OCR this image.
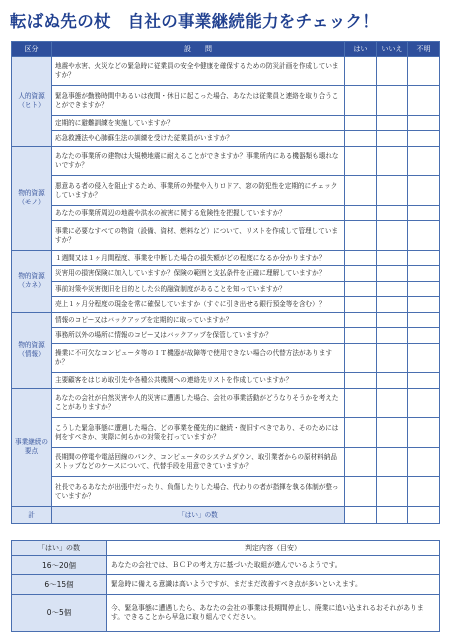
転ばぬ先の杖　自社の事業継続能力をチェック！
区分	設　　問	はい	いいえ	不明
人的資源（ヒト）	地震や水害、火災などの緊急時に従業員の安全や健康を確保するための防災計画を作成していますか？			
	緊急事態が勤務時間中あるいは夜間・休日に起こった場合、あなたは従業員と連絡を取り合うことができますか？			
	定期的に避難訓練を実施していますか？			
	応急救護法や心肺蘇生法の訓練を受けた従業員がいますか？			
物的資源（モノ）	あなたの事業所の建物は大規模地震に耐えることができますか？事業所内にある機器類も壊れないですか？			
	悪意ある者の侵入を阻止するため、事業所の外壁や入りロドア、窓の防犯性を定期的にチェックしていますか？			
	あなたの事業所周辺の地震や洪水の被害に関する危険性を把握していますか？			
	事業に必要なすべての物資（設備、資材、燃料など）について、リストを作成して管理していますか？			
物的資源（カネ）	１週間又は１ヶ月間程度、事業を中断した場合の損失額がどの程度になるか分かりますか？			
	災害用の損害保険に加入していますか？保険の範囲と支払条件を正確に理解していますか？			
	事前対策や災害復旧を目的とした公的融資制度があることを知っていますか？			
	売上１ヶ月分程度の現金を常に確保していますか（すぐに引き出せる銀行預金等を含む）？			
物的資源（情報）	情報のコピー又はバックアップを定期的に取っていますか？			
	事務所以外の場所に情報のコピー又はバックアップを保管していますか？			
	操業に不可欠なコンピュータ等のＩＴ機器が故障等で使用できない場合の代替方法がありますか？			
	主要顧客をはじめ取引先や各種公共機関への連絡先リストを作成していますか？			
事業継続の要点	あなたの会社が自然災害や人的災害に遭遇した場合、会社の事業活動がどうなりそうかを考えたことがありますか？			
	こうした緊急事態に遭遇した場合、どの事業を優先的に継続・復旧すべきであり、そのためには何をすべきか、実際に何らかの対策を打っていますか？			
	長期間の停電や電話回線のパンク、コンピュータのシステムダウン、取引業者からの原材料納品ストップなどのケースについて、代替手段を用意できていますか？			
	社長であるあなたが出張中だったり、負傷したりした場合、代わりの者が指揮を執る体制が整っていますか？			
計	「はい」の数			
「はい」の数	判定内容（目安）
16〜20個	あなたの会社では、ＢＣＰの考え方に基づいた取組が進んでいるようです。
6〜15個	緊急時に備える意識は高いようですが、まだまだ改善すべき点が多いといえます。
0〜5個	今、緊急事態に遭遇したら、あなたの会社の事業は長期間停止し、廃業に追い込まれるおそれがあります。できることから早急に取り組んでください。
